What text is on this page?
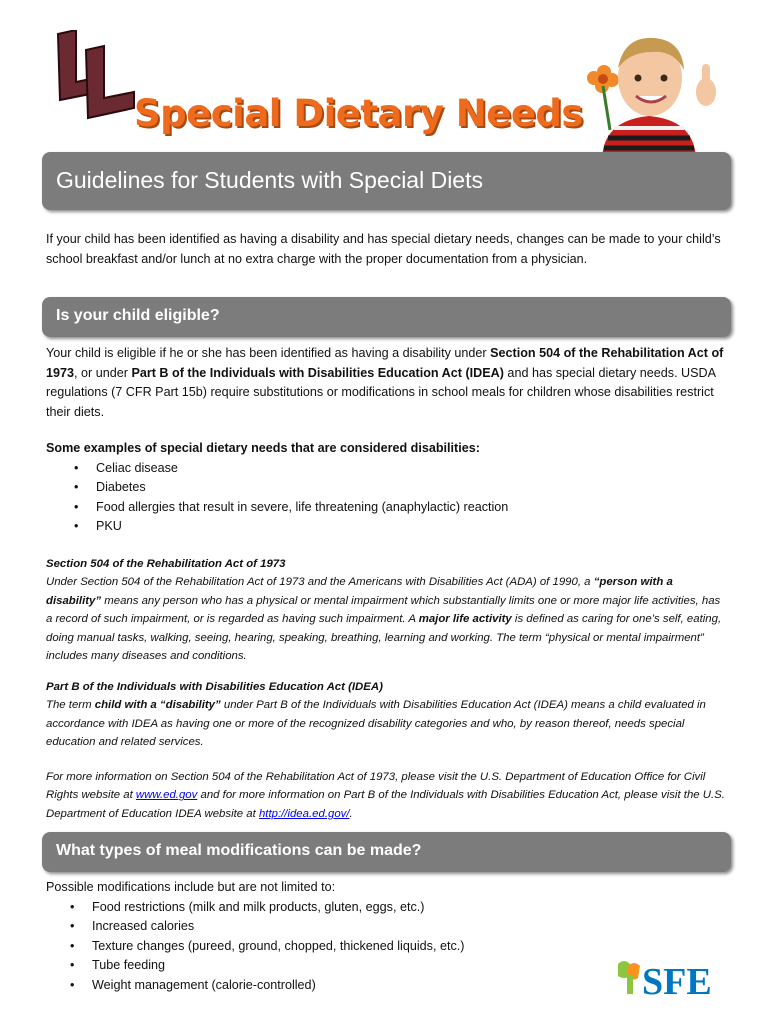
Special Dietary Needs
Guidelines for Students with Special Diets
If your child has been identified as having a disability and has special dietary needs, changes can be made to your child’s school breakfast and/or lunch at no extra charge with the proper documentation from a physician.
Is your child eligible?
Your child is eligible if he or she has been identified as having a disability under Section 504 of the Rehabilitation Act of 1973, or under Part B of the Individuals with Disabilities Education Act (IDEA) and has special dietary needs. USDA regulations (7 CFR Part 15b) require substitutions or modifications in school meals for children whose disabilities restrict their diets.
Some examples of special dietary needs that are considered disabilities:
• Celiac disease
• Diabetes
• Food allergies that result in severe, life threatening (anaphylactic) reaction
• PKU
Section 504 of the Rehabilitation Act of 1973
Under Section 504 of the Rehabilitation Act of 1973 and the Americans with Disabilities Act (ADA) of 1990, a “person with a disability” means any person who has a physical or mental impairment which substantially limits one or more major life activities, has a record of such impairment, or is regarded as having such impairment. A major life activity is defined as caring for one’s self, eating, doing manual tasks, walking, seeing, hearing, speaking, breathing, learning and working. The term “physical or mental impairment” includes many diseases and conditions.
Part B of the Individuals with Disabilities Education Act (IDEA)
The term child with a “disability” under Part B of the Individuals with Disabilities Education Act (IDEA) means a child evaluated in accordance with IDEA as having one or more of the recognized disability categories and who, by reason thereof, needs special education and related services.
For more information on Section 504 of the Rehabilitation Act of 1973, please visit the U.S. Department of Education Office for Civil Rights website at www.ed.gov and for more information on Part B of the Individuals with Disabilities Education Act, please visit the U.S. Department of Education IDEA website at http://idea.ed.gov/.
What types of meal modifications can be made?
Possible modifications include but are not limited to:
• Food restrictions (milk and milk products, gluten, eggs, etc.)
• Increased calories
• Texture changes (pureed, ground, chopped, thickened liquids, etc.)
• Tube feeding
• Weight management (calorie-controlled)	SFE
